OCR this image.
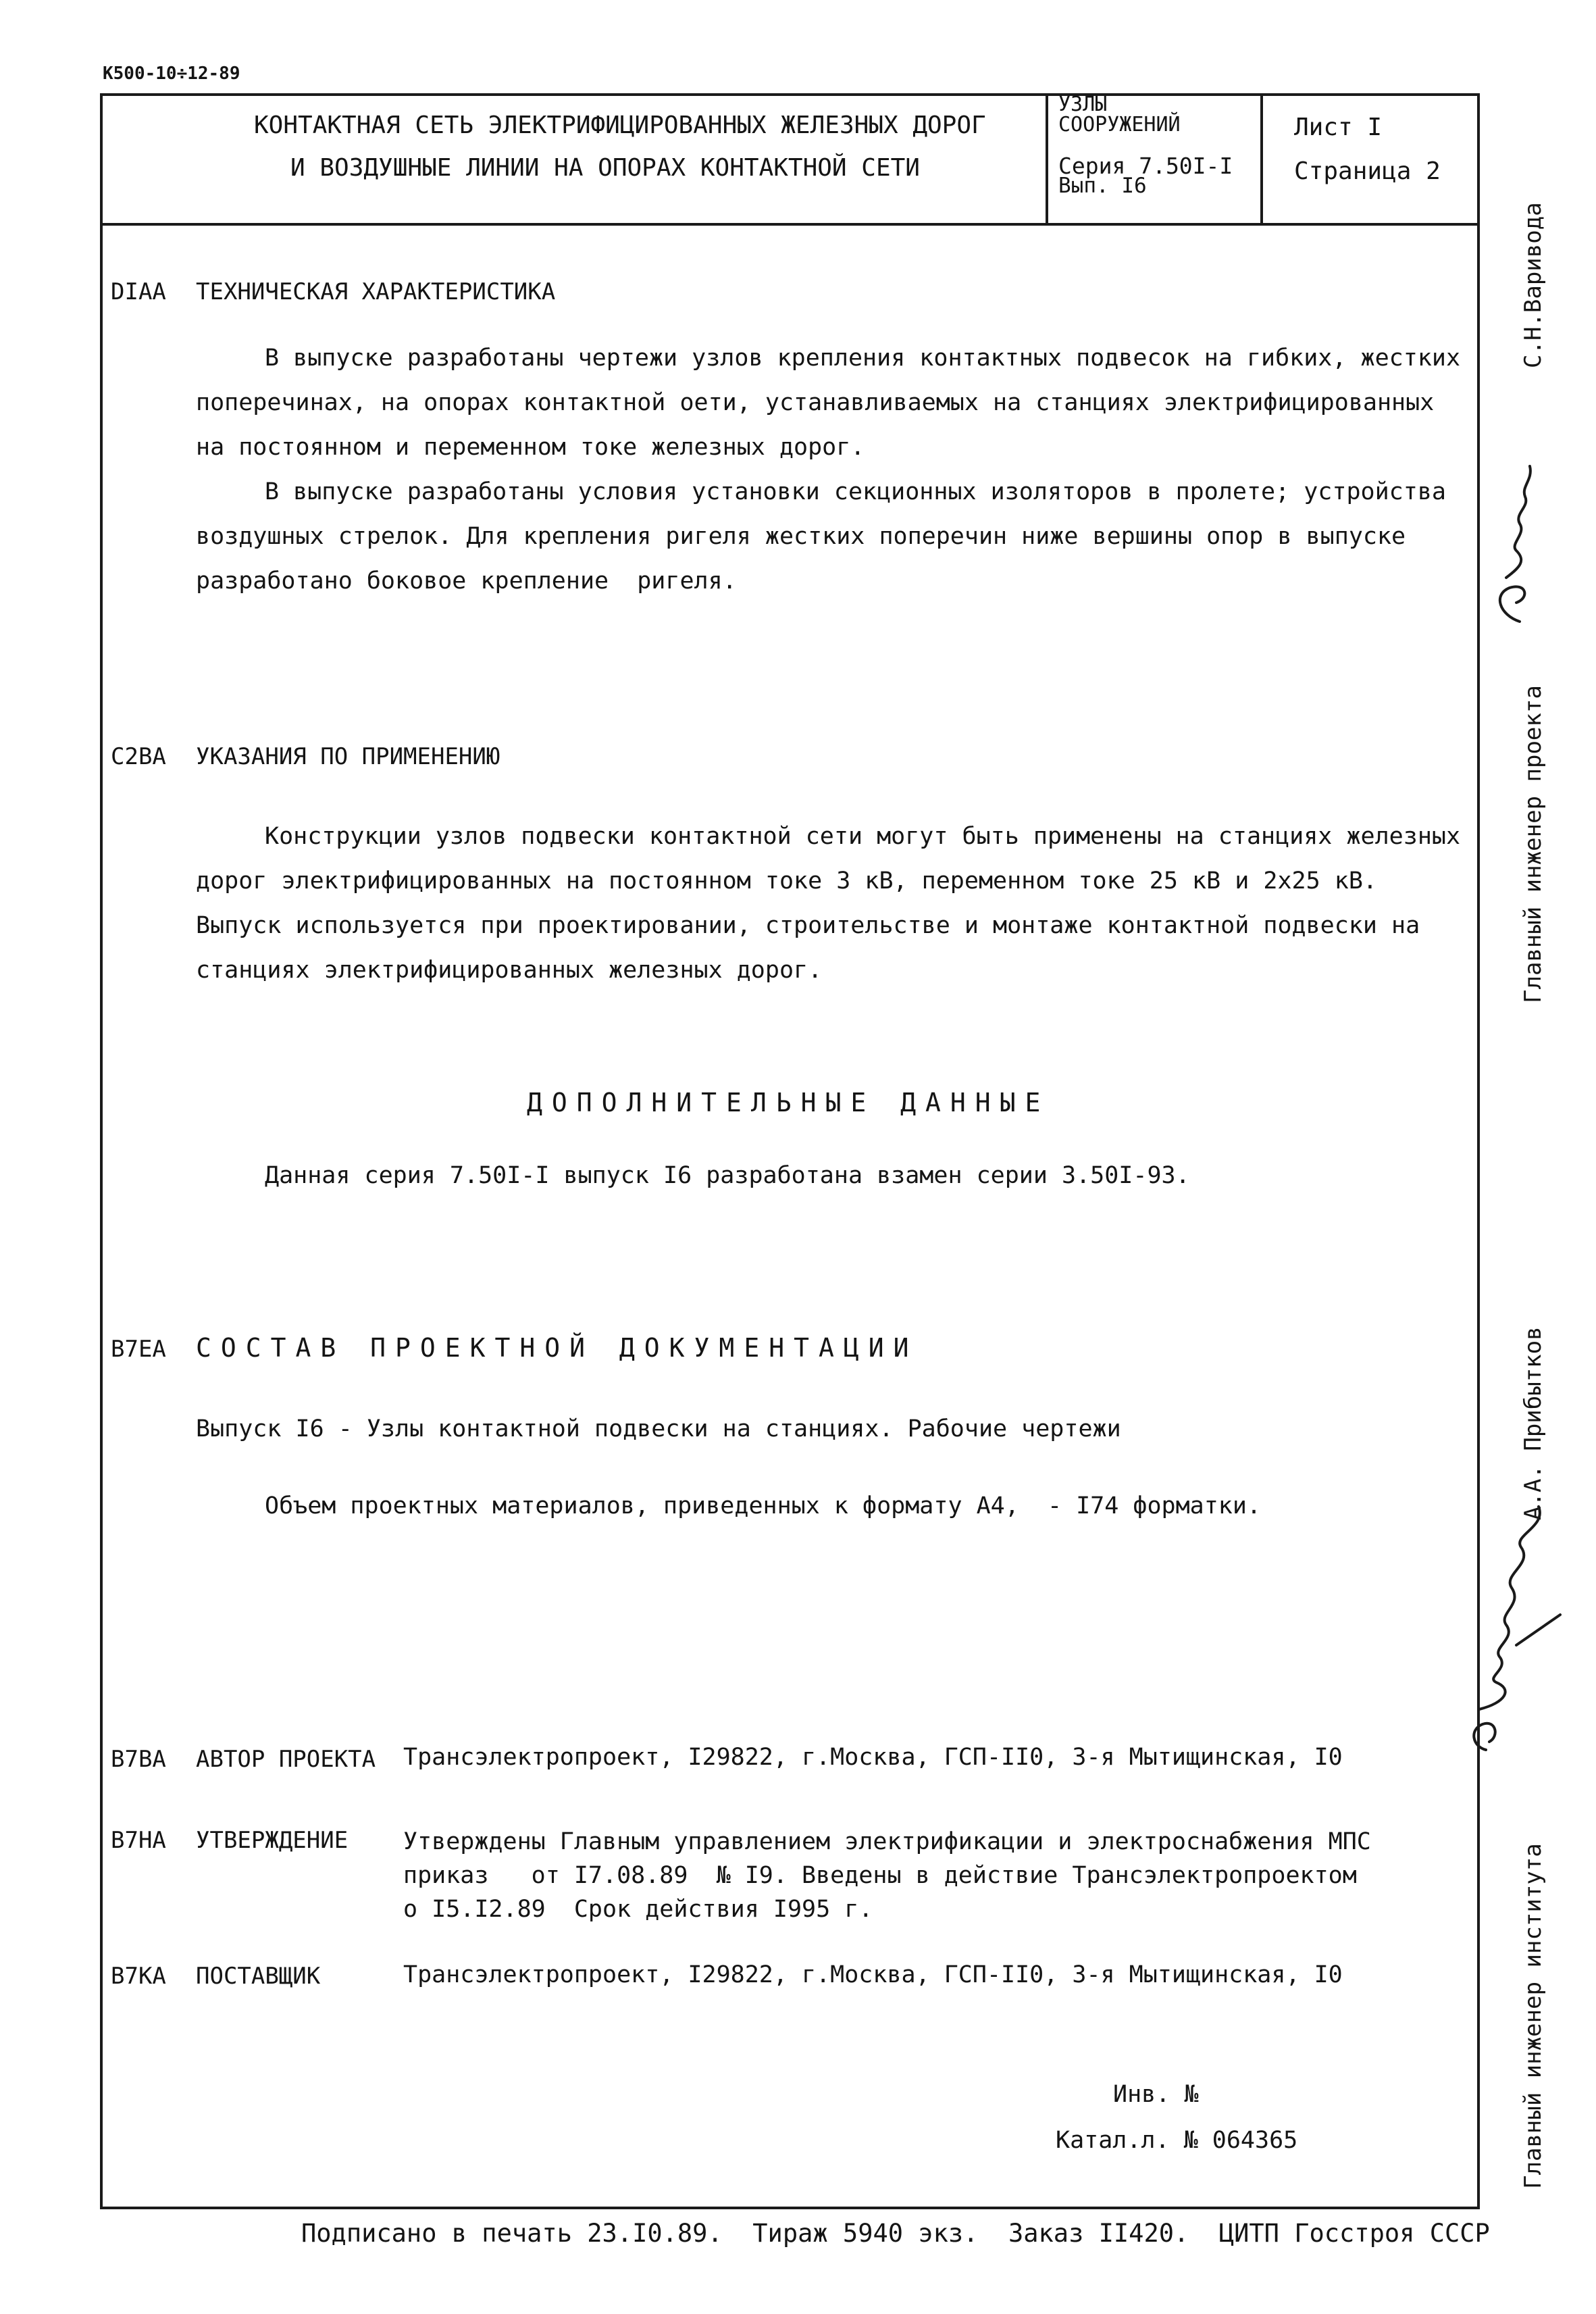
К500-10÷12-89
КОНТАКТНАЯ СЕТЬ ЭЛЕКТРИФИЦИРОВАННЫХ ЖЕЛЕЗНЫХ ДОРОГ
И ВОЗДУШНЫЕ ЛИНИИ НА ОПОРАХ КОНТАКТНОЙ СЕТИ
УЗЛЫ
СООРУЖЕНИЙ
Серия 7.50I-I
Вып. I6
Лист I
Страница 2
DIAA ТЕХНИЧЕСКАЯ ХАРАКТЕРИСТИКА
В выпуске разработаны чертежи узлов крепления контактных подвесок на гибких, жестких
поперечинах, на опорах контактной оети, устанавливаемых на станциях электрифицированных
на постоянном и переменном токе железных дорог.
В выпуске разработаны условия установки секционных изоляторов в пролете; устройства
воздушных стрелок. Для крепления ригеля жестких поперечин ниже вершины опор в выпуске
разработано боковое крепление  ригеля.
C2BA УКАЗАНИЯ ПО ПРИМЕНЕНИЮ
Конструкции узлов подвески контактной сети могут быть применены на станциях железных
дорог электрифицированных на постоянном токе 3 кВ, переменном токе 25 кВ и 2х25 кВ.
Выпуск используется при проектировании, строительстве и монтаже контактной подвески на
станциях электрифицированных железных дорог.
ДОПОЛНИТЕЛЬНЫЕ ДАННЫЕ
Данная серия 7.50I-I выпуск I6 разработана взамен серии 3.50I-93.
B7EA СОСТАВ ПРОЕКТНОЙ ДОКУМЕНТАЦИИ
Выпуск I6 - Узлы контактной подвески на станциях. Рабочие чертежи
Объем проектных материалов, приведенных к формату А4,  - I74 форматки.
B7BA АВТОР ПРОЕКТА Трансэлектропроект, I29822, г.Москва, ГСП-II0, 3-я Мытищинская, I0
B7HA УТВЕРЖДЕНИЕ Утверждены Главным управлением электрификации и электроснабжения МПС
приказ   от I7.08.89  № I9. Введены в действие Трансэлектропроектом
о I5.I2.89  Срок действия I995 г.
B7KA ПОСТАВЩИК	Трансэлектропроект, I29822, г.Москва, ГСП-II0, 3-я Мытищинская, I0
Инв. №
Катал.л. № 064365
Подписано в печать 23.I0.89.  Тираж 5940 экз.  Заказ II420.  ЦИТП Госстроя СССР
С.Н.Варивода
Главный инженер проекта
А.А. Прибытков
Главный инженер института
